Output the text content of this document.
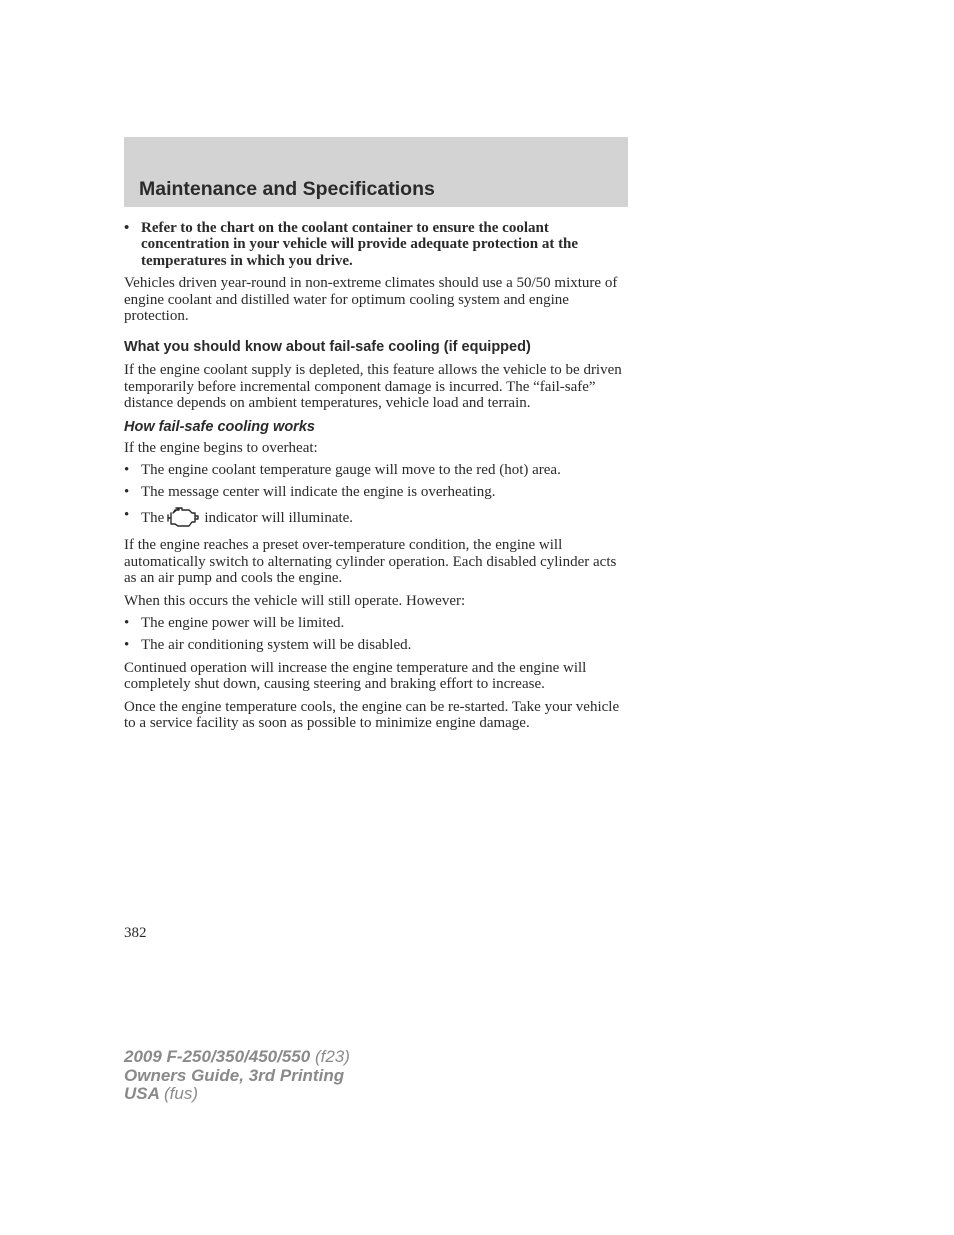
Maintenance and Specifications
• Refer to the chart on the coolant container to ensure the coolant concentration in your vehicle will provide adequate protection at the temperatures in which you drive.

Vehicles driven year-round in non-extreme climates should use a 50/50 mixture of engine coolant and distilled water for optimum cooling system and engine protection.

What you should know about fail-safe cooling (if equipped)

If the engine coolant supply is depleted, this feature allows the vehicle to be driven temporarily before incremental component damage is incurred. The “fail-safe” distance depends on ambient temperatures, vehicle load and terrain.

How fail-safe cooling works

If the engine begins to overheat:

• The engine coolant temperature gauge will move to the red (hot) area.
• The message center will indicate the engine is overheating.
• The	indicator will illuminate.

If the engine reaches a preset over-temperature condition, the engine will automatically switch to alternating cylinder operation. Each disabled cylinder acts as an air pump and cools the engine.

When this occurs the vehicle will still operate. However:

• The engine power will be limited.
• The air conditioning system will be disabled.

Continued operation will increase the engine temperature and the engine will completely shut down, causing steering and braking effort to increase.

Once the engine temperature cools, the engine can be re-started. Take your vehicle to a service facility as soon as possible to minimize engine damage.

382
2009 F-250/350/450/550 (f23)
Owners Guide, 3rd Printing
USA (fus)
